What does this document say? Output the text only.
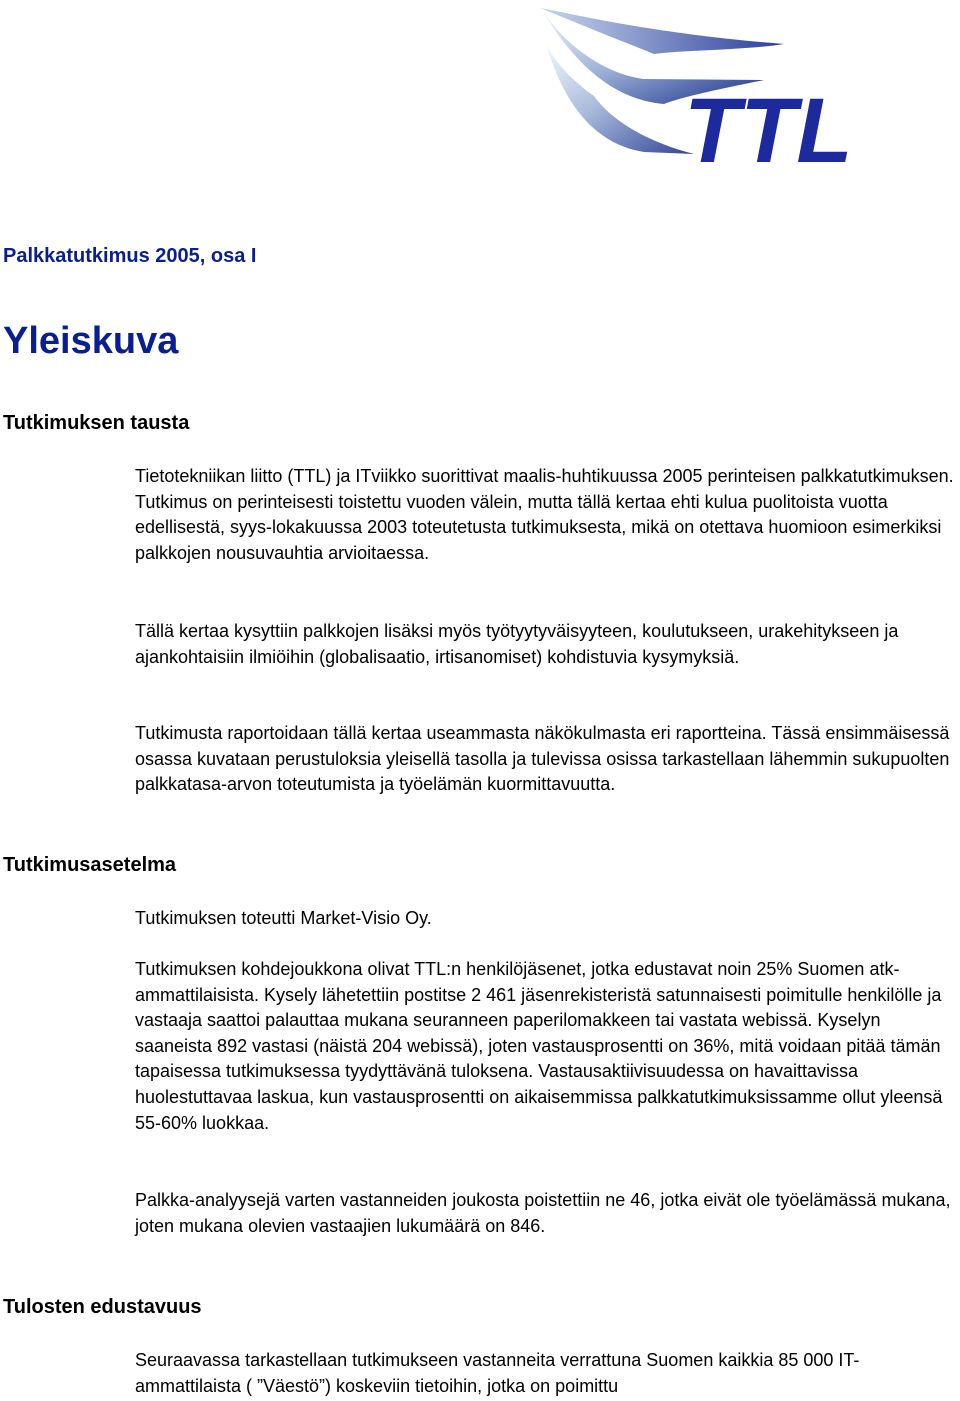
TTL
Palkkatutkimus 2005, osa I
Yleiskuva
Tutkimuksen tausta

Tietotekniikan liitto (TTL) ja ITviikko suorittivat maalis-huhtikuussa 2005 perinteisen palkkatutkimuksen. Tutkimus on perinteisesti toistettu vuoden välein, mutta tällä kertaa ehti kulua puolitoista vuotta edellisestä, syys-lokakuussa 2003 toteutetusta tutkimuksesta, mikä on otettava huomioon esimerkiksi palkkojen nousuvauhtia arvioitaessa.

Tällä kertaa kysyttiin palkkojen lisäksi myös työtyytyväisyyteen, koulutukseen, urakehitykseen ja ajankohtaisiin ilmiöihin (globalisaatio, irtisanomiset) kohdistuvia kysymyksiä.

Tutkimusta raportoidaan tällä kertaa useammasta näkökulmasta eri raportteina. Tässä ensimmäisessä osassa kuvataan perustuloksia yleisellä tasolla ja tulevissa osissa tarkastellaan lähemmin sukupuolten palkkatasa-arvon toteutumista ja työelämän kuormittavuutta.

Tutkimusasetelma

Tutkimuksen toteutti Market-Visio Oy.

Tutkimuksen kohdejoukkona olivat TTL:n henkilöjäsenet, jotka edustavat noin 25% Suomen atk-ammattilaisista. Kysely lähetettiin postitse 2 461 jäsenrekisteristä satunnaisesti poimitulle henkilölle ja vastaaja saattoi palauttaa mukana seuranneen paperilomakkeen tai vastata webissä. Kyselyn saaneista 892 vastasi (näistä 204 webissä), joten vastausprosentti on 36%, mitä voidaan pitää tämän tapaisessa tutkimuksessa tyydyttävänä tuloksena. Vastausaktiivisuudessa on havaittavissa huolestuttavaa laskua, kun vastausprosentti on aikaisemmissa palkkatutkimuksissamme ollut yleensä 55-60% luokkaa.

Palkka-analyysejä varten vastanneiden joukosta poistettiin ne 46, jotka eivät ole työelämässä mukana, joten mukana olevien vastaajien lukumäärä on 846.

Tulosten edustavuus

Seuraavassa tarkastellaan tutkimukseen vastanneita verrattuna Suomen kaikkia 85 000 IT-ammattilaista ( ”Väestö”) koskeviin tietoihin, jotka on poimittu
